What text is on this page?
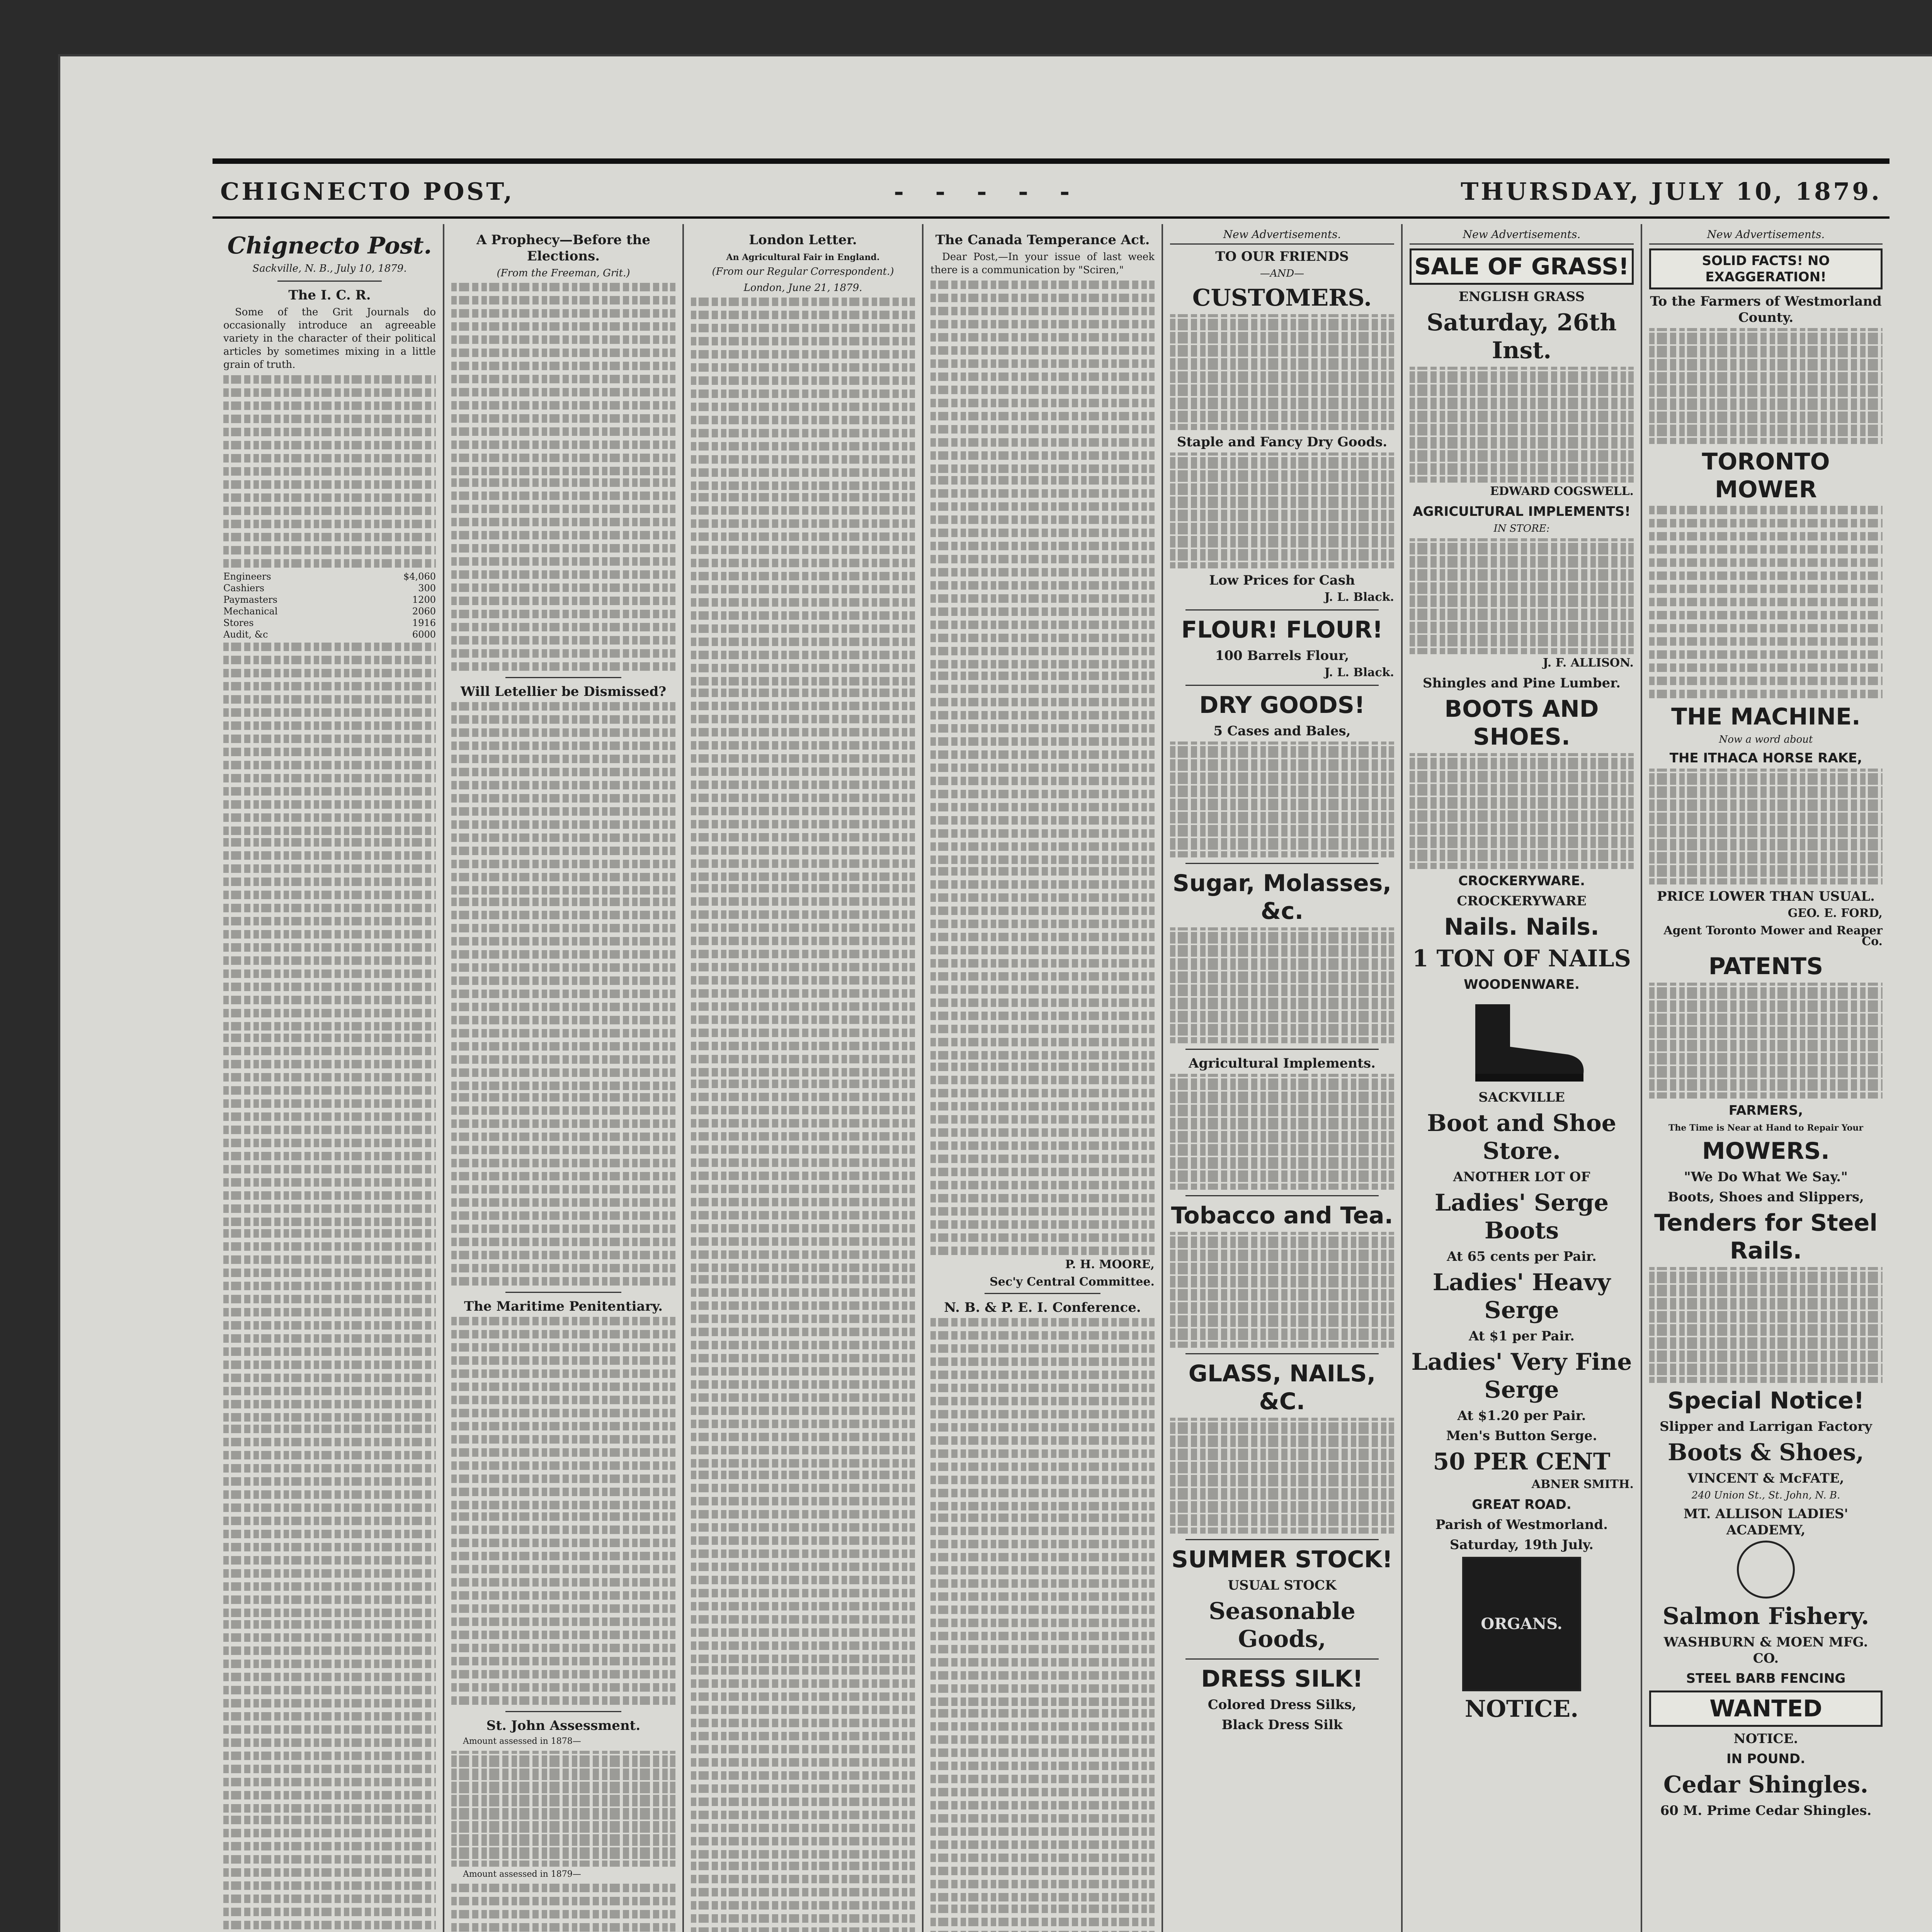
CHIGNECTO POST,	- - - - -	THURSDAY, JULY 10, 1879.
Chignecto Post.
Sackville, N. B., July 10, 1879.
The I. C. R.

Some of the Grit Journals do occasionally introduce an agreeable variety in the character of their political articles by sometimes mixing in a little grain of truth.

Engineers	$4,060
Cashiers	300
Paymasters	1200
Mechanical	2060
Stores	1916
Audit, &c	6000
A Prophecy—Before the Elections.
(From the Freeman, Grit.)
Will Letellier be Dismissed?
The Maritime Penitentiary.
St. John Assessment.

Amount assessed in 1878—

Amount assessed in 1879—

London Letter.
An Agricultural Fair in England.
(From our Regular Correspondent.)
London, June 21, 1879.
The Canada Temperance Act.

Dear Post,—In your issue of last week there is a communication by "Sciren,"

P. H. MOORE,
Sec'y Central Committee.
N. B. & P. E. I. Conference.
New Advertisements.
TO OUR FRIENDS
—AND—
CUSTOMERS.
Staple and Fancy Dry Goods.
Low Prices for Cash
J. L. Black.
FLOUR! FLOUR!
100 Barrels Flour,
J. L. Black.
DRY GOODS!
5 Cases and Bales,
Sugar, Molasses, &c.
Agricultural Implements.
Tobacco and Tea.
GLASS, NAILS, &C.
SUMMER STOCK!
USUAL STOCK
Seasonable Goods,
DRESS SILK!
Colored Dress Silks,
Black Dress Silk
New Advertisements.
SALE OF GRASS!
ENGLISH GRASS
Saturday, 26th Inst.
EDWARD COGSWELL.
AGRICULTURAL IMPLEMENTS!
IN STORE:
J. F. ALLISON.
Shingles and Pine Lumber.
BOOTS AND SHOES.
CROCKERYWARE.
CROCKERYWARE
Nails. Nails.
1 TON OF NAILS
WOODENWARE.
SACKVILLE
Boot and Shoe Store.
ANOTHER LOT OF
Ladies' Serge Boots
At 65 cents per Pair.
Ladies' Heavy Serge
At $1 per Pair.
Ladies' Very Fine Serge
At $1.20 per Pair.
Men's Button Serge.
50 PER CENT
ABNER SMITH.
GREAT ROAD.
Parish of Westmorland.
Saturday, 19th July.
ORGANS.
NOTICE.
New Advertisements.
SOLID FACTS! NO EXAGGERATION!
To the Farmers of Westmorland County.
TORONTO MOWER
THE MACHINE.
Now a word about
THE ITHACA HORSE RAKE,
PRICE LOWER THAN USUAL.
GEO. E. FORD,
Agent Toronto Mower and Reaper Co.
PATENTS
FARMERS,
The Time is Near at Hand to Repair Your
MOWERS.
"We Do What We Say."
Boots, Shoes and Slippers,
Tenders for Steel Rails.
Special Notice!
Slipper and Larrigan Factory
Boots & Shoes,
VINCENT & McFATE,
240 Union St., St. John, N. B.
MT. ALLISON LADIES' ACADEMY,
Salmon Fishery.
WASHBURN & MOEN MFG. CO.
STEEL BARB FENCING
WANTED
NOTICE.
IN POUND.
Cedar Shingles.
60 M. Prime Cedar Shingles.
